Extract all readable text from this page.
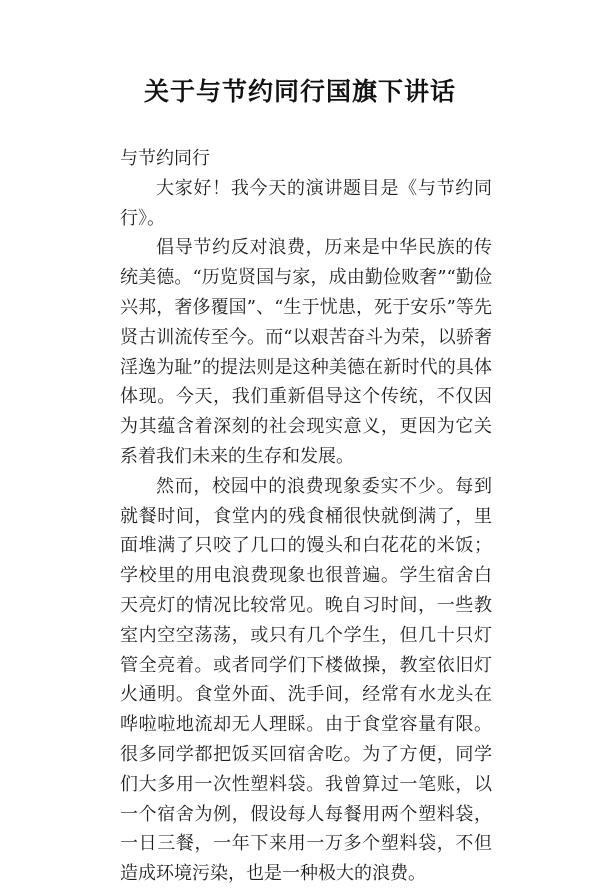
关于与节约同行国旗下讲话

与节约同行

大家好！我今天的演讲题目是《与节约同行》。

倡导节约反对浪费，历来是中华民族的传统美德。“历览贤国与家，成由勤俭败奢”“勤俭兴邦，奢侈覆国”、“生于忧患，死于安乐”等先贤古训流传至今。而“以艰苦奋斗为荣，以骄奢淫逸为耻”的提法则是这种美德在新时代的具体体现。今天，我们重新倡导这个传统，不仅因为其蕴含着深刻的社会现实意义，更因为它关系着我们未来的生存和发展。

然而，校园中的浪费现象委实不少。每到就餐时间，食堂内的残食桶很快就倒满了，里面堆满了只咬了几口的馒头和白花花的米饭；学校里的用电浪费现象也很普遍。学生宿舍白天亮灯的情况比较常见。晚自习时间，一些教室内空空荡荡，或只有几个学生，但几十只灯管全亮着。或者同学们下楼做操，教室依旧灯火通明。食堂外面、洗手间，经常有水龙头在哗啦啦地流却无人理睬。由于食堂容量有限。很多同学都把饭买回宿舍吃。为了方便，同学们大多用一次性塑料袋。我曾算过一笔账，以一个宿舍为例，假设每人每餐用两个塑料袋，一日三餐，一年下来用一万多个塑料袋，不但造成环境污染，也是一种极大的浪费。
